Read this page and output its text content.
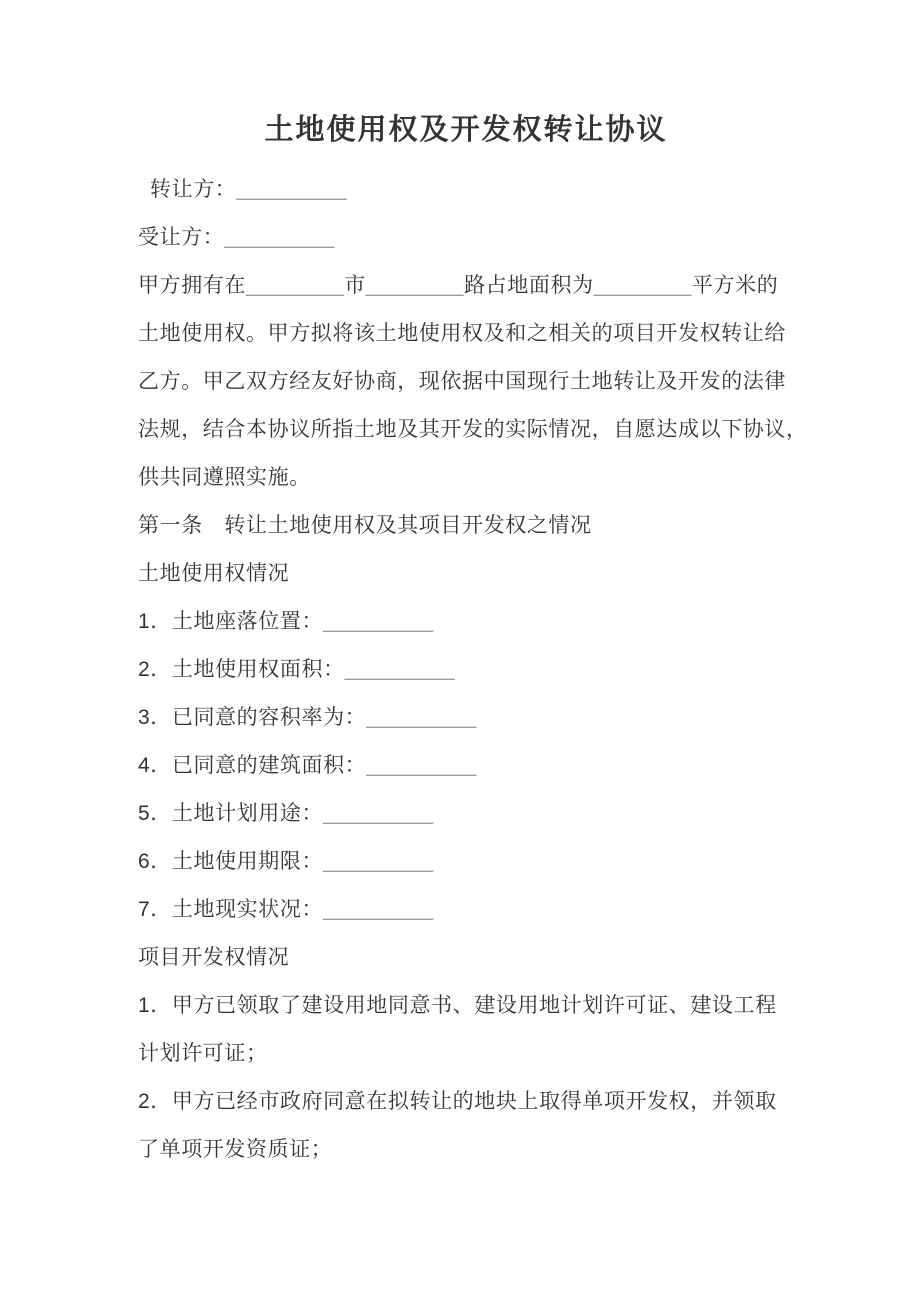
土地使用权及开发权转让协议
转让方：_________
受让方：_________
甲方拥有在________市________路占地面积为________平方米的
土地使用权。甲方拟将该土地使用权及和之相关的项目开发权转让给
乙方。甲乙双方经友好协商，现依据中国现行土地转让及开发的法律
法规，结合本协议所指土地及其开发的实际情况，自愿达成以下协议，
供共同遵照实施。
第一条　转让土地使用权及其项目开发权之情况
土地使用权情况
1．土地座落位置：_________
2．土地使用权面积：_________
3．已同意的容积率为：_________
4．已同意的建筑面积：_________
5．土地计划用途：_________
6．土地使用期限：_________
7．土地现实状况：_________
项目开发权情况
1．甲方已领取了建设用地同意书、建设用地计划许可证、建设工程
计划许可证；
2．甲方已经市政府同意在拟转让的地块上取得单项开发权，并领取
了单项开发资质证；
